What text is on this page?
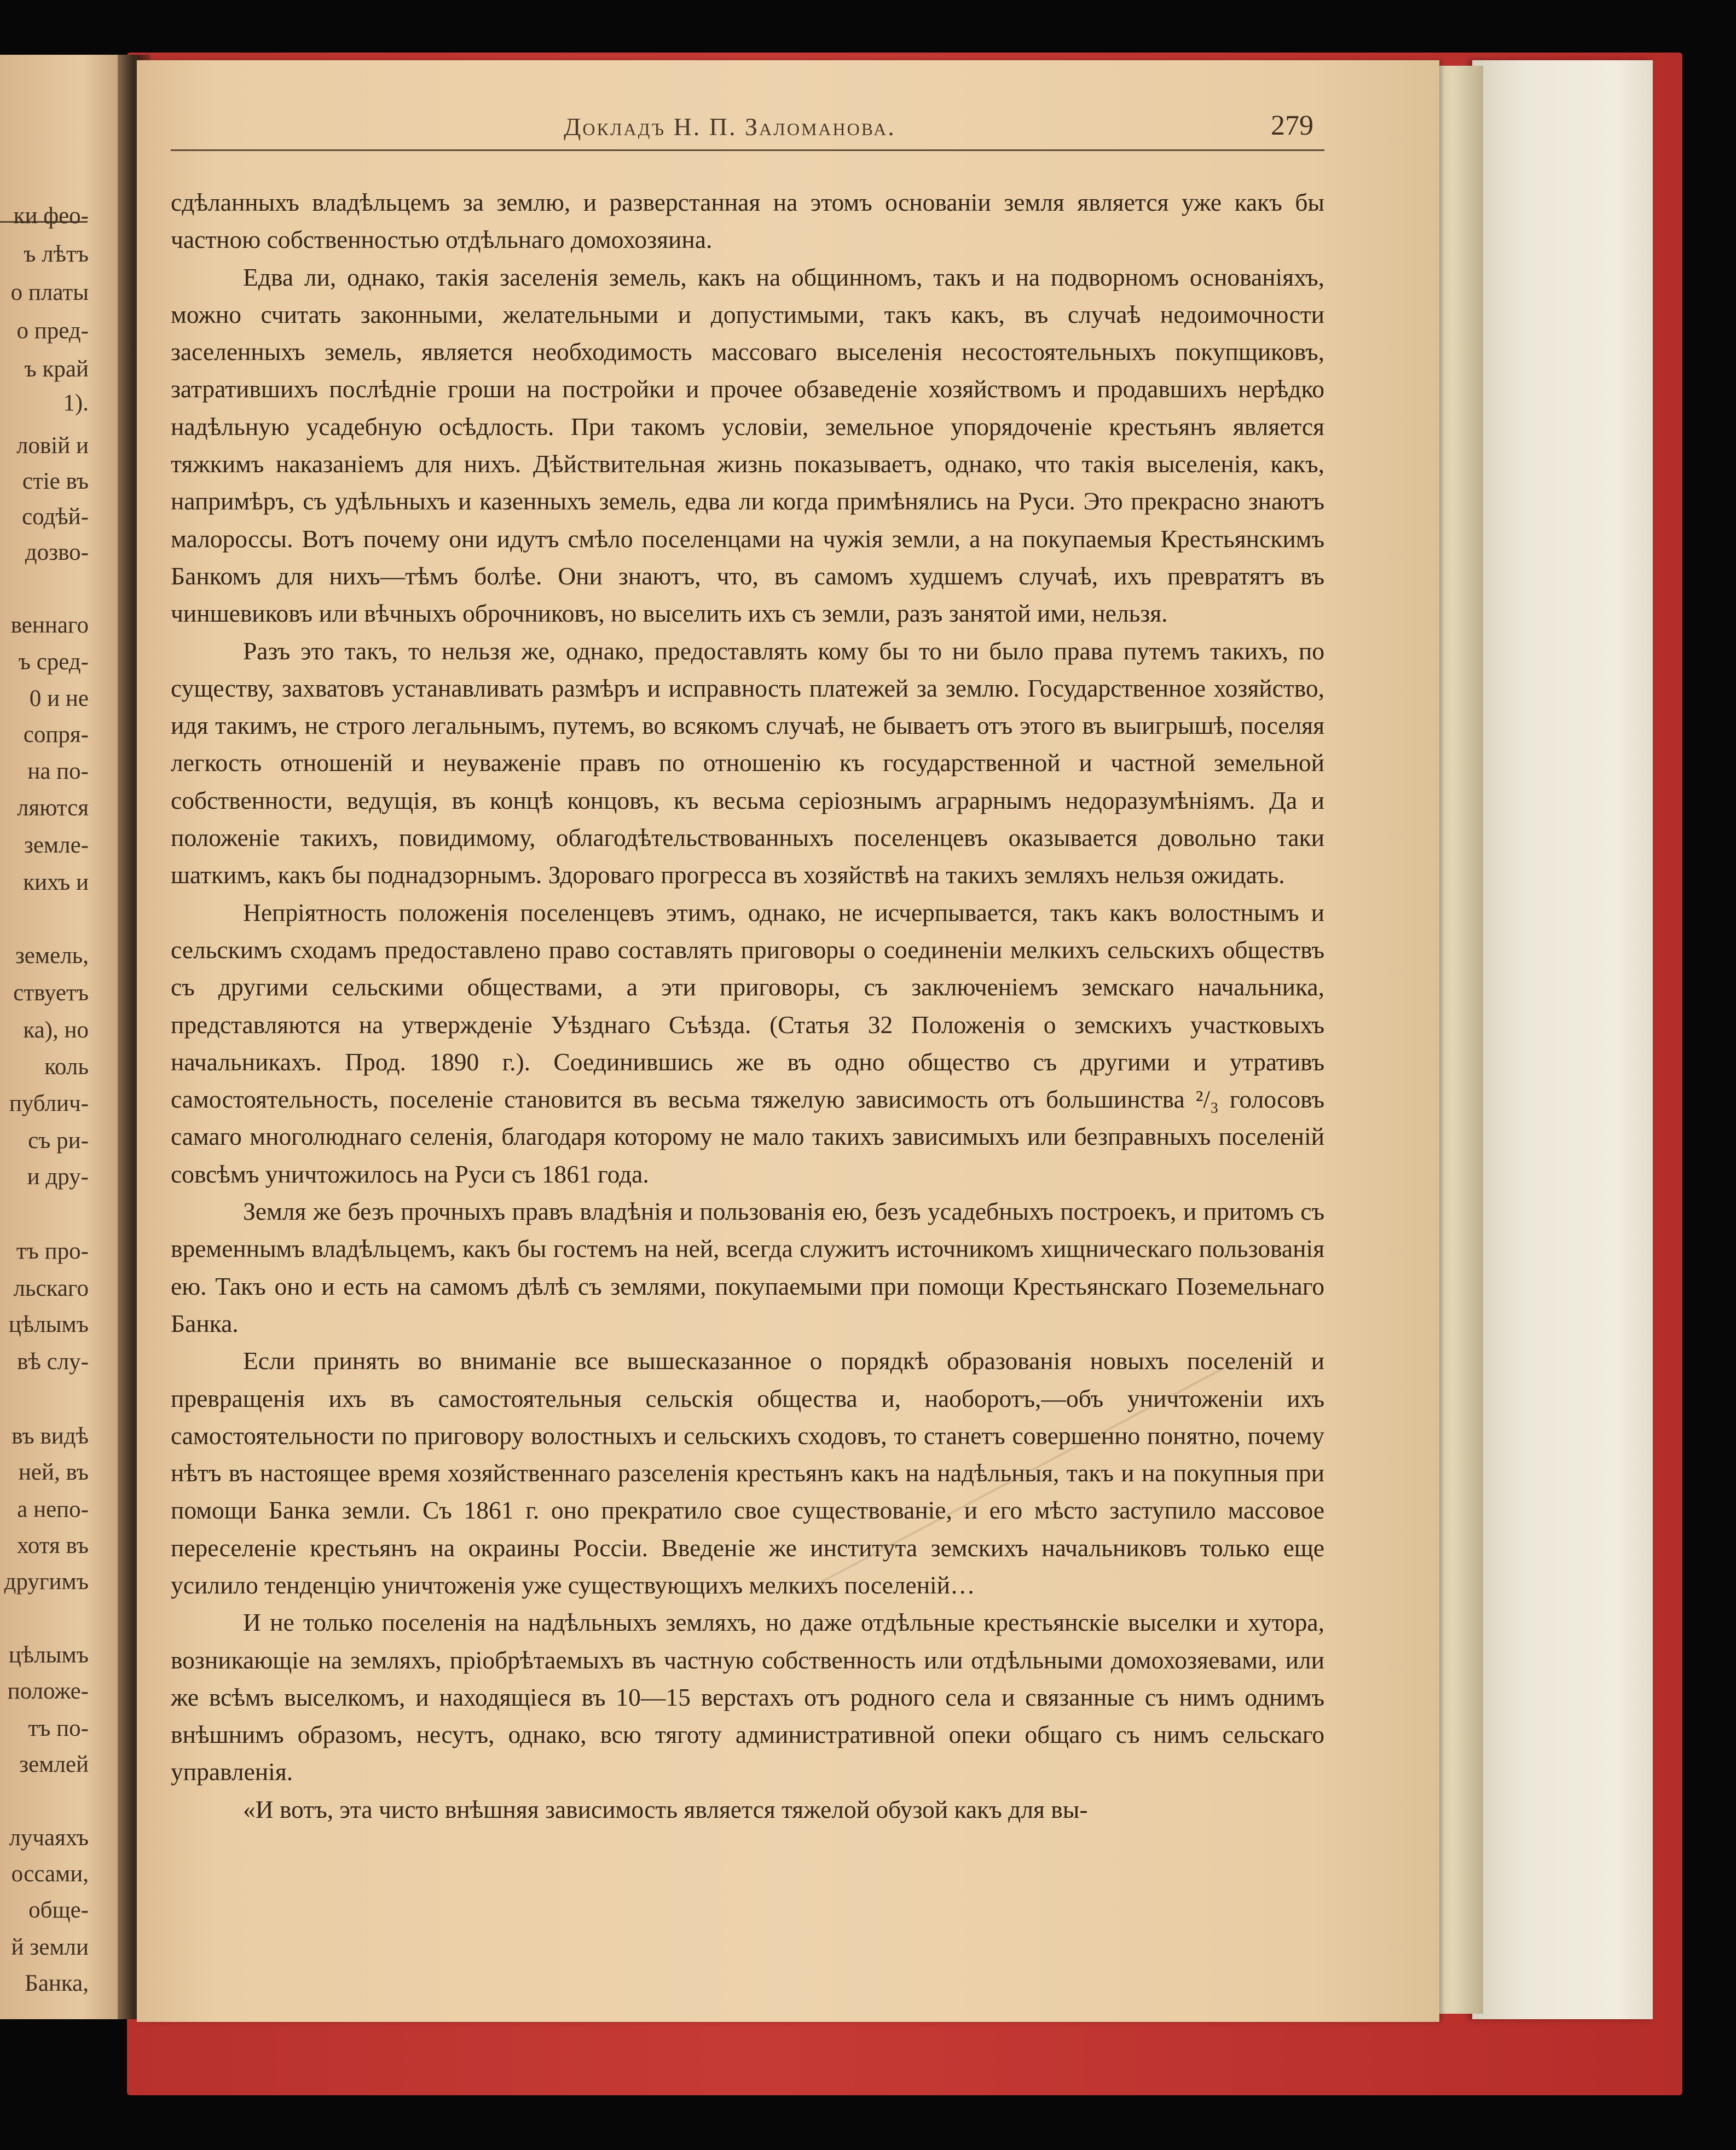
ки фео-
ъ лѣтъ
о платы
о пред-
ъ край
1).
ловій и
стіе въ
содѣй-
дозво-
веннаго
ъ сред-
0 и не
сопря-
на по-
ляются
земле-
кихъ и
земель,
ствуетъ
ка), но
коль
публич-
съ ри-
и дру-
тъ про-
льскаго
цѣлымъ
вѣ слу-
въ видѣ
ней, въ
а непо-
хотя въ
другимъ
цѣлымъ
положе-
тъ по-
землей
лучаяхъ
оссами,
обще-
й земли
Банка,
Докладъ Н. П. Заломанова.	279

сдѣланныхъ владѣльцемъ за землю, и разверстанная на этомъ основаніи земля является уже какъ бы частною собственностью отдѣльнаго домохозяина.

Едва ли, однако, такія заселенія земель, какъ на общинномъ, такъ и на подворномъ основаніяхъ, можно считать законными, желательными и допустимыми, такъ какъ, въ случаѣ недоимочности заселенныхъ земель, является необходимость массоваго выселенія несостоятельныхъ покупщиковъ, затратившихъ послѣдніе гроши на постройки и прочее обзаведеніе хозяйствомъ и продавшихъ нерѣдко надѣльную усадебную осѣдлость. При такомъ условіи, земельное упорядоченіе крестьянъ является тяжкимъ наказаніемъ для нихъ. Дѣйствительная жизнь показываетъ, однако, что такія выселенія, какъ, напримѣръ, съ удѣльныхъ и казенныхъ земель, едва ли когда примѣнялись на Руси. Это прекрасно знаютъ малороссы. Вотъ почему они идутъ смѣло поселенцами на чужія земли, а на покупаемыя Крестьянскимъ Банкомъ для нихъ—тѣмъ болѣе. Они знаютъ, что, въ самомъ худшемъ случаѣ, ихъ превратятъ въ чиншевиковъ или вѣчныхъ оброчниковъ, но выселить ихъ съ земли, разъ занятой ими, нельзя.

Разъ это такъ, то нельзя же, однако, предоставлять кому бы то ни было права путемъ такихъ, по существу, захватовъ устанавливать размѣръ и исправность платежей за землю. Государственное хозяйство, идя такимъ, не строго легальнымъ, путемъ, во всякомъ случаѣ, не бываетъ отъ этого въ выигрышѣ, поселяя легкость отношеній и неуваженіе правъ по отношенію къ государственной и частной земельной собственности, ведущія, въ концѣ концовъ, къ весьма серіознымъ аграрнымъ недоразумѣніямъ. Да и положеніе такихъ, повидимому, облагодѣтельствованныхъ поселенцевъ оказывается довольно таки шаткимъ, какъ бы поднадзорнымъ. Здороваго прогресса въ хозяйствѣ на такихъ земляхъ нельзя ожидать.

Непріятность положенія поселенцевъ этимъ, однако, не исчерпывается, такъ какъ волостнымъ и сельскимъ сходамъ предоставлено право составлять приговоры о соединеніи мелкихъ сельскихъ обществъ съ другими сельскими обществами, а эти приговоры, съ заключеніемъ земскаго начальника, представляются на утвержденіе Уѣзднаго Съѣзда. (Статья 32 Положенія о земскихъ участковыхъ начальникахъ. Прод. 1890 г.). Соединившись же въ одно общество съ другими и утративъ самостоятельность, поселеніе становится въ весьма тяжелую зависимость отъ большинства ²/₃ голосовъ самаго многолюднаго селенія, благодаря которому не мало такихъ зависимыхъ или безправныхъ поселеній совсѣмъ уничтожилось на Руси съ 1861 года.

Земля же безъ прочныхъ правъ владѣнія и пользованія ею, безъ усадебныхъ построекъ, и притомъ съ временнымъ владѣльцемъ, какъ бы гостемъ на ней, всегда служитъ источникомъ хищническаго пользованія ею. Такъ оно и есть на самомъ дѣлѣ съ землями, покупаемыми при помощи Крестьянскаго Поземельнаго Банка.

Если принять во вниманіе все вышесказанное о порядкѣ образованія новыхъ поселеній и превращенія ихъ въ самостоятельныя сельскія общества и, наоборотъ,—объ уничтоженіи ихъ самостоятельности по приговору волостныхъ и сельскихъ сходовъ, то станетъ совершенно понятно, почему нѣтъ въ настоящее время хозяйственнаго разселенія крестьянъ какъ на надѣльныя, такъ и на покупныя при помощи Банка земли. Съ 1861 г. оно прекратило свое существованіе, и его мѣсто заступило массовое переселеніе крестьянъ на окраины Россіи. Введеніе же института земскихъ начальниковъ только еще усилило тенденцію уничтоженія уже существующихъ мелкихъ поселеній…

И не только поселенія на надѣльныхъ земляхъ, но даже отдѣльные крестьянскіе выселки и хутора, возникающіе на земляхъ, пріобрѣтаемыхъ въ частную собственность или отдѣльными домохозяевами, или же всѣмъ выселкомъ, и находящіеся въ 10—15 верстахъ отъ родного села и связанные съ нимъ однимъ внѣшнимъ образомъ, несутъ, однако, всю тяготу административной опеки общаго съ нимъ сельскаго управленія.

«И вотъ, эта чисто внѣшняя зависимость является тяжелой обузой какъ для вы-
